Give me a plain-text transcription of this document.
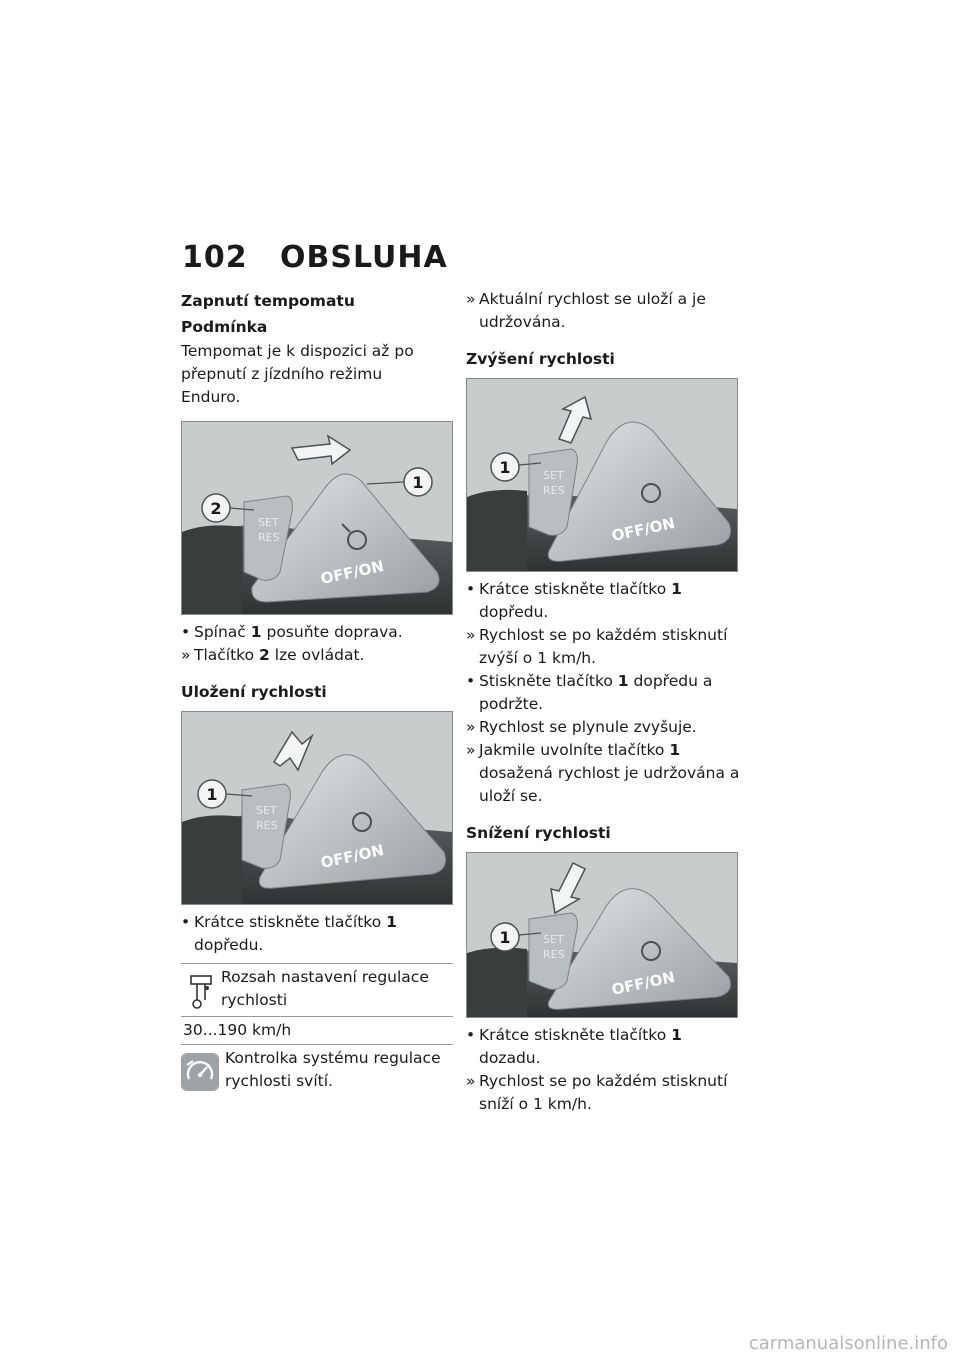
102 OBSLUHA
Zapnutí tempomatu
Podmínka
Tempomat je k dispozici až po přepnutí z jízdního režimu Enduro.
SET
RES
OFF/ON
1
2
• Spínač 1 posuňte doprava.
» Tlačítko 2 lze ovládat.
Uložení rychlosti
SET
RES
OFF/ON
1
• Krátce stiskněte tlačítko 1 dopředu.
Rozsah nastavení regulace rychlosti
30...190 km/h
Kontrolka systému regulace rychlosti svítí.
» Aktuální rychlost se uloží a je udržována.
Zvýšení rychlosti
SET
RES
OFF/ON
1
• Krátce stiskněte tlačítko 1 dopředu.
» Rychlost se po každém stisknutí zvýší o 1 km/h.
• Stiskněte tlačítko 1 dopředu a podržte.
» Rychlost se plynule zvyšuje.
» Jakmile uvolníte tlačítko 1 dosažená rychlost je udržována a uloží se.
Snížení rychlosti
SET
RES
OFF/ON
1
• Krátce stiskněte tlačítko 1 dozadu.
» Rychlost se po každém stisknutí sníží o 1 km/h.
carmanualsonline.info
